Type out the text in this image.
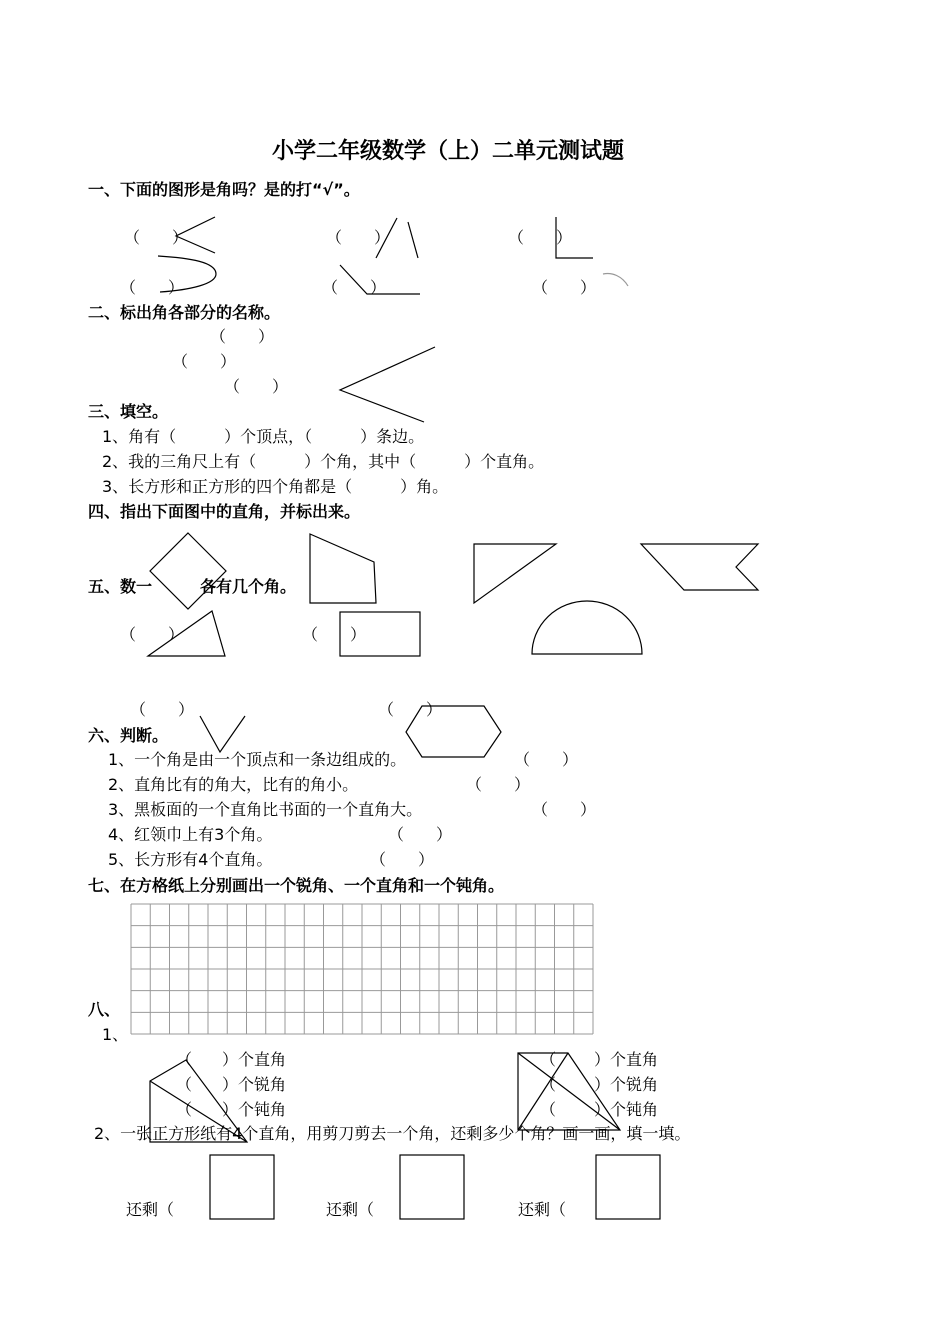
小学二年级数学（上）二单元测试题
一、下面的图形是角吗？是的打“√”。
（　　）	（　　）	（　　）
（　　）	（　　）	（　　）
二、标出角各部分的名称。
（　　）
（　　）
（　　）
三、填空。
1、角有（　　　）个顶点，（　　　）条边。
2、我的三角尺上有（　　　）个角，其中（　　　）个直角。
3、长方形和正方形的四个角都是（　　　）角。
四、指出下面图中的直角，并标出来。
五、数一	各有几个角。
（　　）	（　　）
（　　）	（　　）
六、判断。
1、一个角是由一个顶点和一条边组成的。	（　　）
2、直角比有的角大，比有的角小。	（　　）
3、黑板面的一个直角比书面的一个直角大。	（　　）
4、红领巾上有3个角。	（　　）
5、长方形有4个直角。	（　　）
七、在方格纸上分别画出一个锐角、一个直角和一个钝角。
八、
1、
（ ）个直角
（ ）个锐角
（ ）个钝角
（ ）个直角
（ ）个锐角
（ ）个钝角
2、一张正方形纸有4个直角，用剪刀剪去一个角，还剩多少个角？画一画，填一填。
还剩（	还剩（	还剩（
